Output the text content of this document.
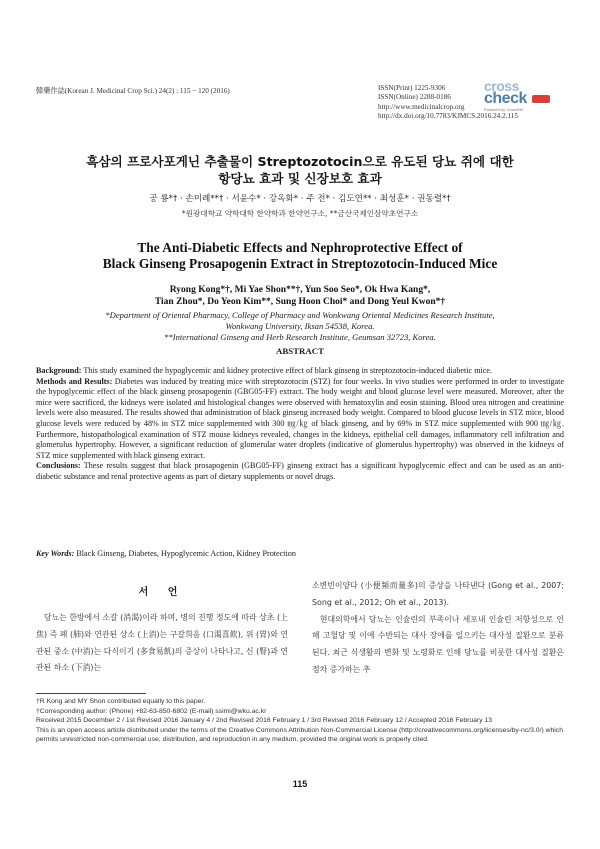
韓藥作誌(Korean J. Medicinal Crop Sci.) 24(2) : 115 − 120 (2016)	ISSN(Print) 1225-9306
ISSN(Online) 2288-0186
http://www.medicinalcrop.org
http://dx.doi.org/10.7783/KJMCS.2016.24.2.115
cross
check
Powered by CrossRef
흑삼의 프로사포게닌 추출물이 Streptozotocin으로 유도된 당뇨 쥐에 대한
항당뇨 효과 및 신장보호 효과
공 룡*† · 손미례**† · 서윤수* · 강옥화* · 주 전* · 김도연** · 최성훈* · 권동렬*†
*원광대학교 약학대학 한약학과 한약연구소, **금산국제인삼약초연구소
The Anti-Diabetic Effects and Nephroprotective Effect of
Black Ginseng Prosapogenin Extract in Streptozotocin-Induced Mice
Ryong Kong*†, Mi Yae Shon**†, Yun Soo Seo*, Ok Hwa Kang*,
Tian Zhou*, Do Yeon Kim**, Sung Hoon Choi* and Dong Yeul Kwon*†
*Department of Oriental Pharmacy, College of Pharmacy and Wonkwang Oriental Medicines Research Institute,
Wonkwang University, Iksan 54538, Korea.
**International Ginseng and Herb Research Institute, Geumsan 32723, Korea.
ABSTRACT

Background: This study examined the hypoglycemic and kidney protective effect of black ginseng in streptozotocin-induced diabetic mice.

Methods and Results: Diabetes was induced by treating mice with streptozotocin (STZ) for four weeks. In vivo studies were performed in order to investigate the hypoglycemic effect of the black ginseng prosapogenin (GBG05-FF) extract. The body weight and blood glucose level were measured. Moreover, after the mice were sacrificed, the kidneys were isolated and histological changes were observed with hematoxylin and eosin staining. Blood urea nitrogen and creatinine levels were also measured. The results showed that administration of black ginseng increased body weight. Compared to blood glucose levels in STZ mice, blood glucose levels were reduced by 48% in STZ mice supplemented with 300 ㎎/㎏ of black ginseng, and by 69% in STZ mice supplemented with 900 ㎎/㎏. Furthermore, histopathological examination of STZ mouse kidneys revealed, changes in the kidneys, epithelial cell damages, inflammatory cell infiltration and glomerulus hypertrophy. However, a significant reduction of glomerular water droplets (indicative of glomerulus hypertrophy) was observed in the kidneys of STZ mice supplemented with black ginseng extract.

Conclusions: These results suggest that black prosapogenin (GBG05-FF) ginseng extract has a significant hypoglycemic effect and can be used as an anti-diabetic substance and renal protective agents as part of dietary supplements or novel drugs.

Key Words: Black Ginseng, Diabetes, Hypoglycemic Action, Kidney Protection
서 언

당뇨는 한방에서 소갈 (消渴)이라 하며, 병의 진행 정도에 따라 상초 (上焦) 즉 폐 (肺)와 연관된 상소 (上消)는 구갈희음 (口渴喜飮), 위 (胃)와 연관된 중소 (中消)는 다식이기 (多食易飢)의 증상이 나타나고, 신 (腎)과 연관된 하소 (下消)는

소변빈이양다 (小便頻而量多)의 증상을 나타낸다 (Gong et al., 2007; Song et al., 2012; Oh et al., 2013).

현대의학에서 당뇨는 인슐린의 부족이나 세포내 인슐린 저항성으로 인해 고혈당 및 이에 수반되는 대사 장애를 일으키는 대사성 질환으로 분류된다. 최근 식생활의 변화 및 노령화로 인해 당뇨를 비롯한 대사성 질환은 점차 증가하는 추

†R Kong and MY Shon contributed equally to this paper.
†Corresponding author: (Phone) +82-63-850-6802 (E-mail) ssimi@wku.ac.kr
Received 2015 December 2 / 1st Revised 2016 January 4 / 2nd Revised 2016 February 1 / 3rd Revised 2016 February 12 / Accepted 2016 February 13
This is an open access article distributed under the terms of the Creative Commons Attribution Non-Commercial License (http://creativecommons.org/licenses/by-nc/3.0/) which permits unrestricted non-commercial use, distribution, and reproduction in any medium, provided the original work is properly cited.
115
